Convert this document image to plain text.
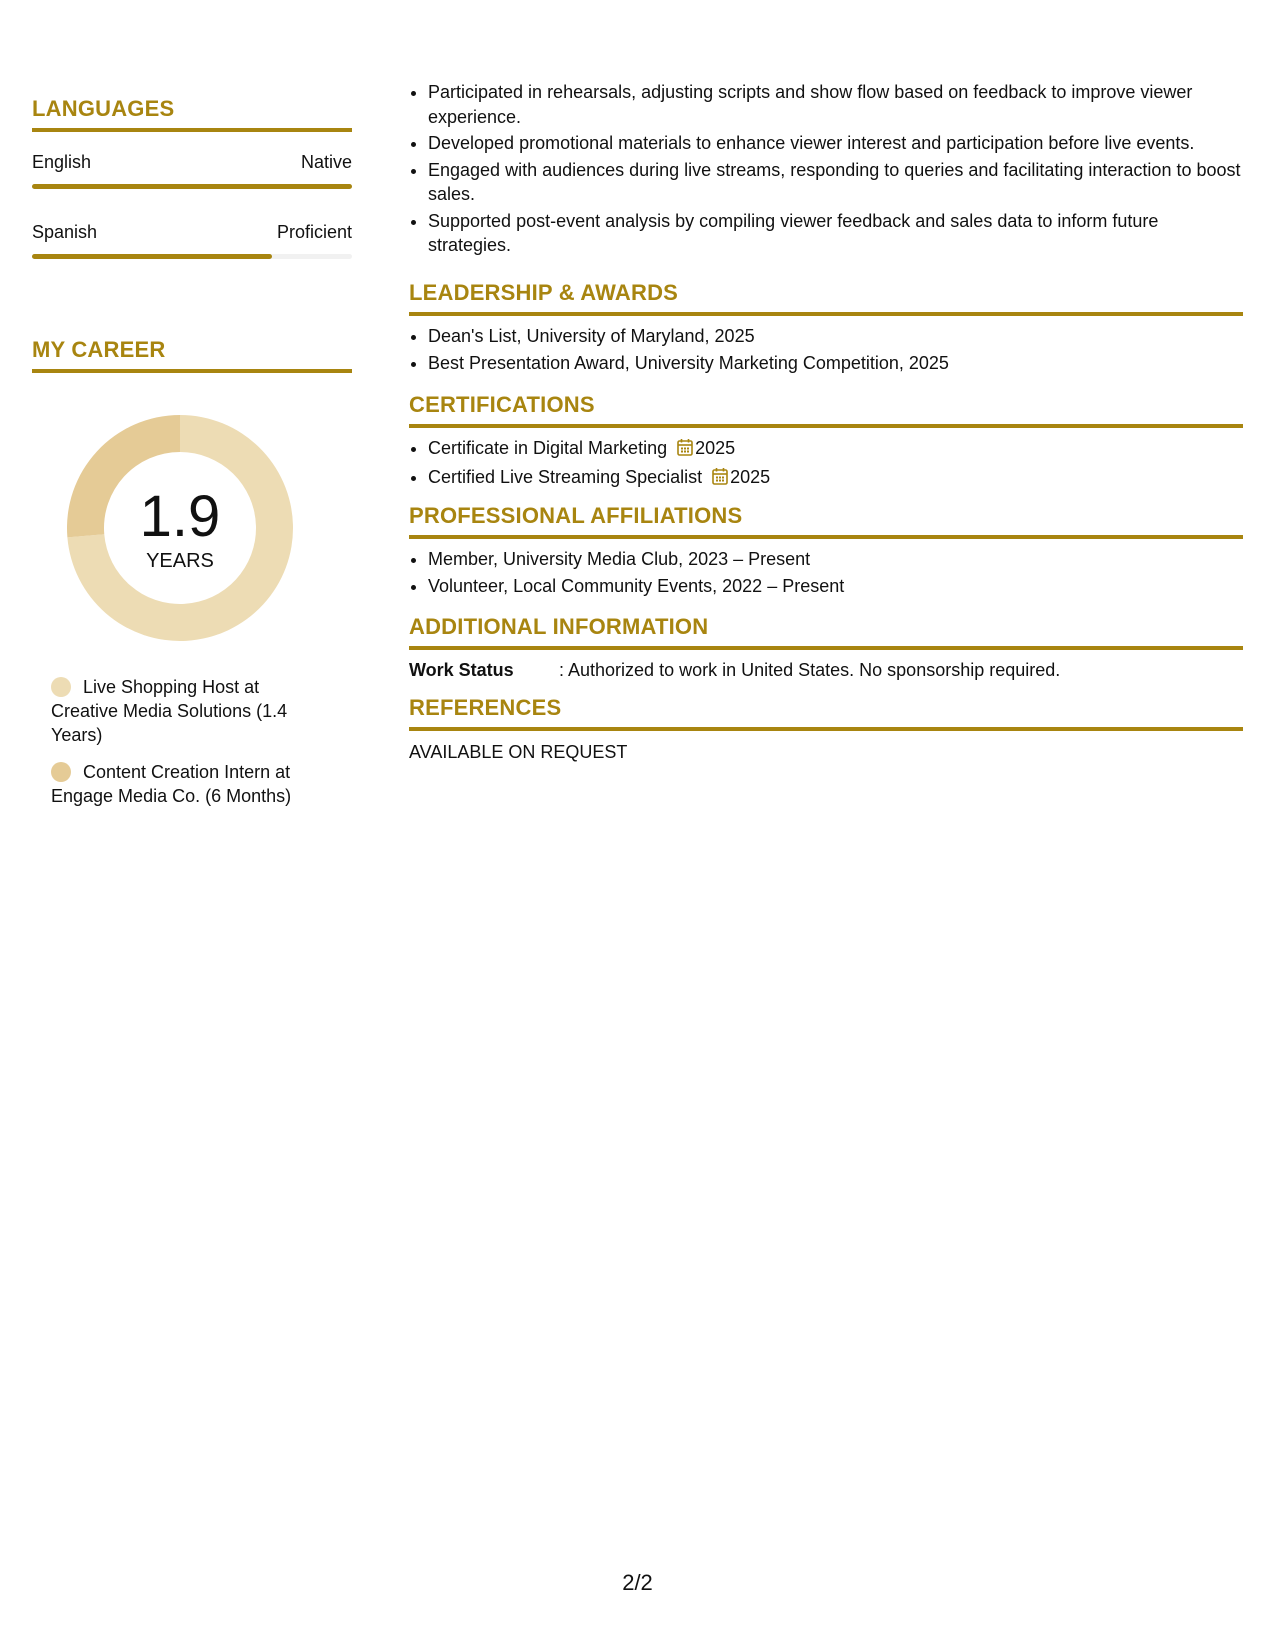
LANGUAGES
English	Native
Spanish	Proficient
MY CAREER
1.9
YEARS
Live Shopping Host at Creative Media Solutions (1.4 Years)
Content Creation Intern at Engage Media Co. (6 Months)
• Participated in rehearsals, adjusting scripts and show flow based on feedback to improve viewer experience.
• Developed promotional materials to enhance viewer interest and participation before live events.
• Engaged with audiences during live streams, responding to queries and facilitating interaction to boost sales.
• Supported post-event analysis by compiling viewer feedback and sales data to inform future strategies.
LEADERSHIP & AWARDS
• Dean's List, University of Maryland, 2025
• Best Presentation Award, University Marketing Competition, 2025
CERTIFICATIONS
• Certificate in Digital Marketing 2025
• Certified Live Streaming Specialist 2025
PROFESSIONAL AFFILIATIONS
• Member, University Media Club, 2023 – Present
• Volunteer, Local Community Events, 2022 – Present
ADDITIONAL INFORMATION
Work Status	: Authorized to work in United States. No sponsorship required.
REFERENCES
AVAILABLE ON REQUEST
2/2
